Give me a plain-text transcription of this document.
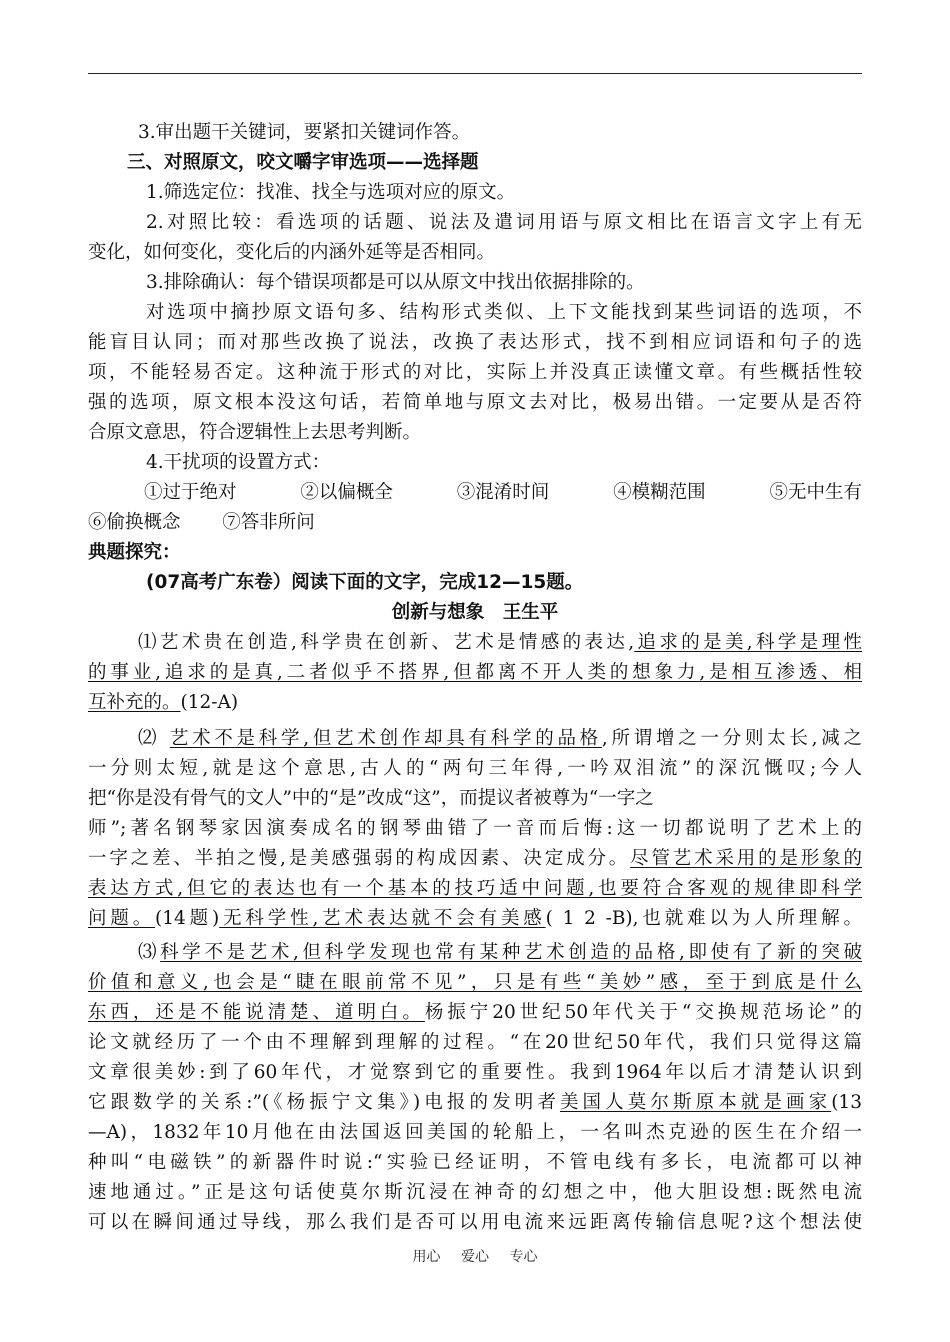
3.审出题干关键词，要紧扣关键词作答。
三、对照原文，咬文嚼字审选项——选择题
1.筛选定位：找准、找全与选项对应的原文。
2.对照比较：看选项的话题、说法及遣词用语与原文相比在语言文字上有无
变化，如何变化，变化后的内涵外延等是否相同。
3.排除确认：每个错误项都是可以从原文中找出依据排除的。
对选项中摘抄原文语句多、结构形式类似、上下文能找到某些词语的选项，不
能盲目认同；而对那些改换了说法，改换了表达形式，找不到相应词语和句子的选
项，不能轻易否定。这种流于形式的对比，实际上并没真正读懂文章。有些概括性较
强的选项，原文根本没这句话，若简单地与原文去对比，极易出错。一定要从是否符
合原文意思，符合逻辑性上去思考判断。
4.干扰项的设置方式：
①过于绝对	②以偏概全	③混淆时间	④模糊范围	⑤无中生有
⑥偷换概念 ⑦答非所问
典题探究：
(07高考广东卷）阅读下面的文字，完成12—15题。
创新与想象　王生平
⑴艺术贵在创造,科学贵在创新、艺术是情感的表达,追求的是美,科学是理性
的事业,追求的是真,二者似乎不搭界,但都离不开人类的想象力,是相互渗透、相
互补充的。(12-A)
⑵ 艺术不是科学,但艺术创作却具有科学的品格,所谓增之一分则太长,减之
一分则太短,就是这个意思,古人的“两句三年得,一吟双泪流”的深沉慨叹;今人
把“你是没有骨气的文人”中的“是”改成“这”，而提议者被尊为“一字之
师”;著名钢琴家因演奏成名的钢琴曲错了一音而后悔:这一切都说明了艺术上的
一字之差、半拍之慢,是美感强弱的构成因素、决定成分。尽管艺术采用的是形象的
表达方式,但它的表达也有一个基本的技巧适中问题,也要符合客观的规律即科学
问题。(14题)无科学性,艺术表达就不会有美感( 1 2 -B),也就难以为人所理解。
⑶科学不是艺术,但科学发现也常有某种艺术创造的品格,即使有了新的突破
价值和意义,也会是“睫在眼前常不见”，只是有些“美妙”感，至于到底是什么
东西，还是不能说清楚、道明白。杨振宁20世纪50年代关于“交换规范场论”的
论文就经历了一个由不理解到理解的过程。“在20世纪50年代，我们只觉得这篇
文章很美妙:到了60年代，才觉察到它的重要性。我到1964年以后才清楚认识到
它跟数学的关系:”(《杨振宁文集》)电报的发明者美国人莫尔斯原本就是画家(13
—A)，1832年10月他在由法国返回美国的轮船上，一名叫杰克逊的医生在介绍一
种叫“电磁铁”的新器件时说:“实验已经证明，不管电线有多长，电流都可以神
速地通过。”正是这句话使莫尔斯沉浸在神奇的幻想之中，他大胆设想:既然电流
可以在瞬间通过导线，那么我们是否可以用电流来远距离传输信息呢?这个想法使
用心 爱心 专心
